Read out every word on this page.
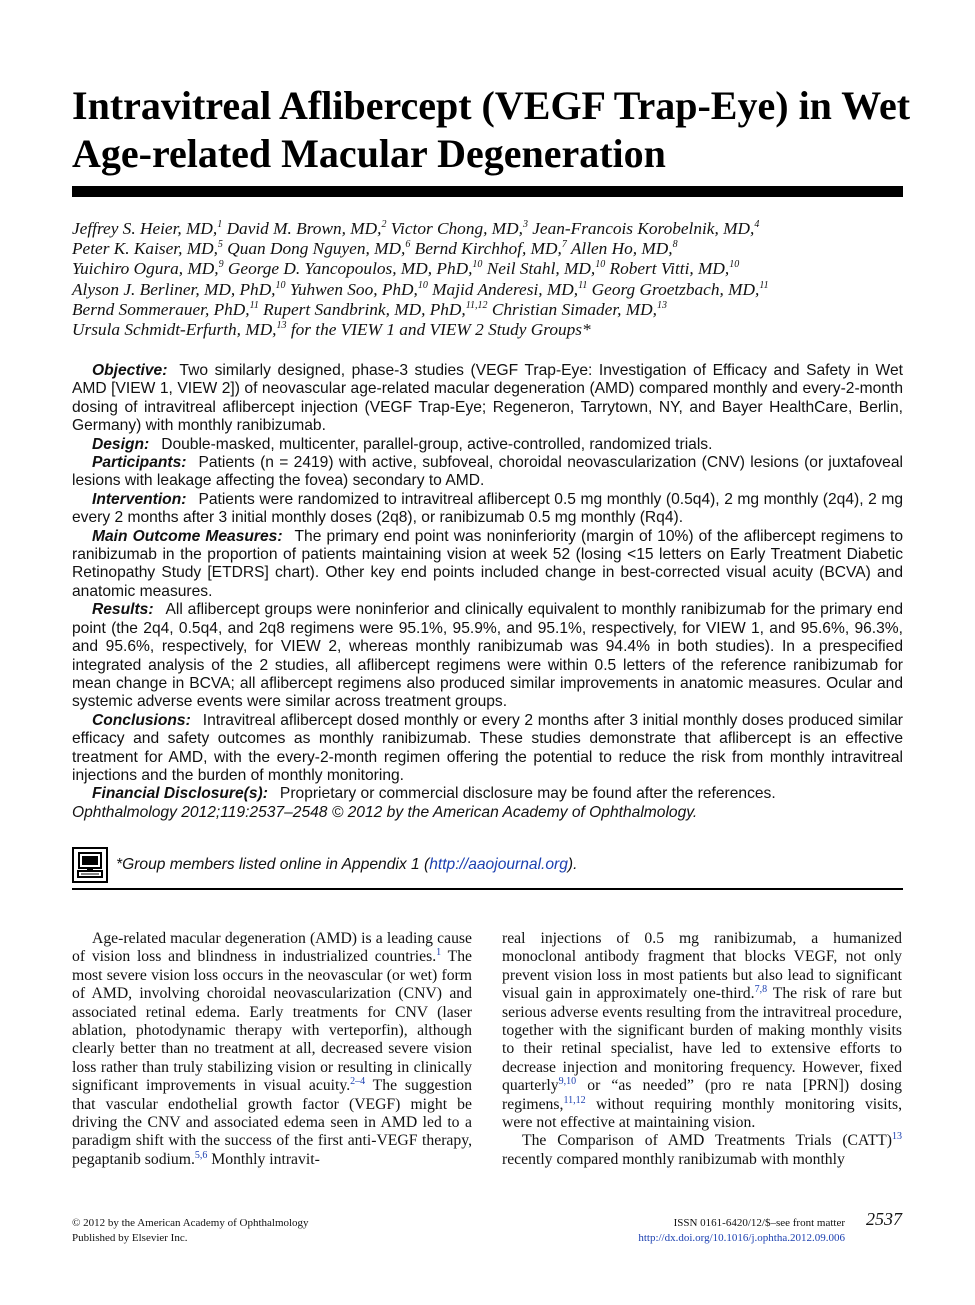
Intravitreal Aflibercept (VEGF Trap-Eye) in Wet Age-related Macular Degeneration
Jeffrey S. Heier, MD,$^1$ David M. Brown, MD,$^2$ Victor Chong, MD,$^3$ Jean-Francois Korobelnik, MD,$^4$
Peter K. Kaiser, MD,$^5$ Quan Dong Nguyen, MD,$^6$ Bernd Kirchhof, MD,$^7$ Allen Ho, MD,$^8$
Yuichiro Ogura, MD,$^9$ George D. Yancopoulos, MD, PhD,$^{10}$ Neil Stahl, MD,$^{10}$ Robert Vitti, MD,$^{10}$
Alyson J. Berliner, MD, PhD,$^{10}$ Yuhwen Soo, PhD,$^{10}$ Majid Anderesi, MD,$^{11}$ Georg Groetzbach, MD,$^{11}$
Bernd Sommerauer, PhD,$^{11}$ Rupert Sandbrink, MD, PhD,$^{11,12}$ Christian Simader, MD,$^{13}$
Ursula Schmidt-Erfurth, MD,$^{13}$ for the VIEW 1 and VIEW 2 Study Groups*

Objective: Two similarly designed, phase-3 studies (VEGF Trap-Eye: Investigation of Efficacy and Safety in Wet AMD [VIEW 1, VIEW 2]) of neovascular age-related macular degeneration (AMD) compared monthly and every-2-month dosing of intravitreal aflibercept injection (VEGF Trap-Eye; Regeneron, Tarrytown, NY, and Bayer HealthCare, Berlin, Germany) with monthly ranibizumab.

Design: Double-masked, multicenter, parallel-group, active-controlled, randomized trials.

Participants: Patients (n = 2419) with active, subfoveal, choroidal neovascularization (CNV) lesions (or juxtafoveal lesions with leakage affecting the fovea) secondary to AMD.

Intervention: Patients were randomized to intravitreal aflibercept 0.5 mg monthly (0.5q4), 2 mg monthly (2q4), 2 mg every 2 months after 3 initial monthly doses (2q8), or ranibizumab 0.5 mg monthly (Rq4).

Main Outcome Measures: The primary end point was noninferiority (margin of 10%) of the aflibercept regimens to ranibizumab in the proportion of patients maintaining vision at week 52 (losing <15 letters on Early Treatment Diabetic Retinopathy Study [ETDRS] chart). Other key end points included change in best-corrected visual acuity (BCVA) and anatomic measures.

Results: All aflibercept groups were noninferior and clinically equivalent to monthly ranibizumab for the primary end point (the 2q4, 0.5q4, and 2q8 regimens were 95.1%, 95.9%, and 95.1%, respectively, for VIEW 1, and 95.6%, 96.3%, and 95.6%, respectively, for VIEW 2, whereas monthly ranibizumab was 94.4% in both studies). In a prespecified integrated analysis of the 2 studies, all aflibercept regimens were within 0.5 letters of the reference ranibizumab for mean change in BCVA; all aflibercept regimens also produced similar improvements in anatomic measures. Ocular and systemic adverse events were similar across treatment groups.

Conclusions: Intravitreal aflibercept dosed monthly or every 2 months after 3 initial monthly doses produced similar efficacy and safety outcomes as monthly ranibizumab. These studies demonstrate that aflibercept is an effective treatment for AMD, with the every-2-month regimen offering the potential to reduce the risk from monthly intravitreal injections and the burden of monthly monitoring.

Financial Disclosure(s): Proprietary or commercial disclosure may be found after the references.

Ophthalmology 2012;119:2537–2548 © 2012 by the American Academy of Ophthalmology.

*Group members listed online in Appendix 1 (http://aaojournal.org).

Age-related macular degeneration (AMD) is a leading cause of vision loss and blindness in industrialized countries.$^1$ The most severe vision loss occurs in the neovascular (or wet) form of AMD, involving choroidal neovascularization (CNV) and associated retinal edema. Early treatments for CNV (laser ablation, photodynamic therapy with verteporfin), although clearly better than no treatment at all, decreased severe vision loss rather than truly stabilizing vision or resulting in clinically significant improvements in visual acuity.$^{2-4}$ The suggestion that vascular endothelial growth factor (VEGF) might be driving the CNV and associated edema seen in AMD led to a paradigm shift with the success of the first anti-VEGF therapy, pegaptanib sodium.$^{5,6}$ Monthly intravit-

real injections of 0.5 mg ranibizumab, a humanized monoclonal antibody fragment that blocks VEGF, not only prevent vision loss in most patients but also lead to significant visual gain in approximately one-third.$^{7,8}$ The risk of rare but serious adverse events resulting from the intravitreal procedure, together with the significant burden of making monthly visits to their retinal specialist, have led to extensive efforts to decrease injection and monitoring frequency. However, fixed quarterly$^{9,10}$ or “as needed” (pro re nata [PRN]) dosing regimens,$^{11,12}$ without requiring monthly monitoring visits, were not effective at maintaining vision.

The Comparison of AMD Treatments Trials (CATT)$^{13}$ recently compared monthly ranibizumab with monthly

© 2012 by the American Academy of Ophthalmology
Published by Elsevier Inc.
ISSN 0161-6420/12/$–see front matter
http://dx.doi.org/10.1016/j.ophtha.2012.09.006
2537
